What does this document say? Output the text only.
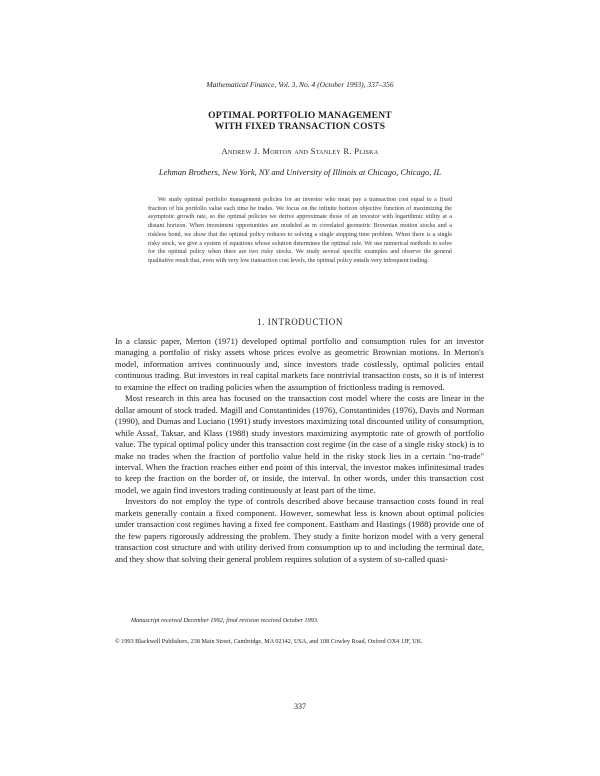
Mathematical Finance, Vol. 3, No. 4 (October 1993), 337–356
OPTIMAL PORTFOLIO MANAGEMENT
WITH FIXED TRANSACTION COSTS
Andrew J. Morton and Stanley R. Pliska
Lehman Brothers, New York, NY and University of Illinois at Chicago, Chicago, IL
We study optimal portfolio management policies for an investor who must pay a transaction cost equal to a fixed fraction of his portfolio value each time he trades. We focus on the infinite horizon objective function of maximizing the asymptotic growth rate, so the optimal policies we derive approximate those of an investor with logarithmic utility at a distant horizon. When investment opportunities are modeled as m correlated geometric Brownian motion stocks and a riskless bond, we show that the optimal policy reduces to solving a single stopping time problem. When there is a single risky stock, we give a system of equations whose solution determines the optimal rule. We use numerical methods to solve for the optimal policy when there are two risky stocks. We study several specific examples and observe the general qualitative result that, even with very low transaction cost levels, the optimal policy entails very infrequent trading.
1. INTRODUCTION

In a classic paper, Merton (1971) developed optimal portfolio and consumption rules for an investor managing a portfolio of risky assets whose prices evolve as geometric Brownian motions. In Merton's model, information arrives continuously and, since investors trade costlessly, optimal policies entail continuous trading. But investors in real capital markets face nontrivial transaction costs, so it is of interest to examine the effect on trading policies when the assumption of frictionless trading is removed.

Most research in this area has focused on the transaction cost model where the costs are linear in the dollar amount of stock traded. Magill and Constantinides (1976), Constantinides (1976), Davis and Norman (1990), and Dumas and Luciano (1991) study investors maximizing total discounted utility of consumption, while Assaf, Taksar, and Klass (1988) study investors maximizing asymptotic rate of growth of portfolio value. The typical optimal policy under this transaction cost regime (in the case of a single risky stock) is to make no trades when the fraction of portfolio value held in the risky stock lies in a certain "no-trade" interval. When the fraction reaches either end point of this interval, the investor makes infinitesimal trades to keep the fraction on the border of, or inside, the interval. In other words, under this transaction cost model, we again find investors trading continuously at least part of the time.

Investors do not employ the type of controls described above because transaction costs found in real markets generally contain a fixed component. However, somewhat less is known about optimal policies under transaction cost regimes having a fixed fee component. Eastham and Hastings (1988) provide one of the few papers rigorously addressing the problem. They study a finite horizon model with a very general transaction cost structure and with utility derived from consumption up to and including the terminal date, and they show that solving their general problem requires solution of a system of so-called quasi-

Manuscript received December 1992; final revision received October 1993.
© 1993 Blackwell Publishers, 238 Main Street, Cambridge, MA 02142, USA, and 108 Cowley Road, Oxford OX4 1JF, UK.
337
